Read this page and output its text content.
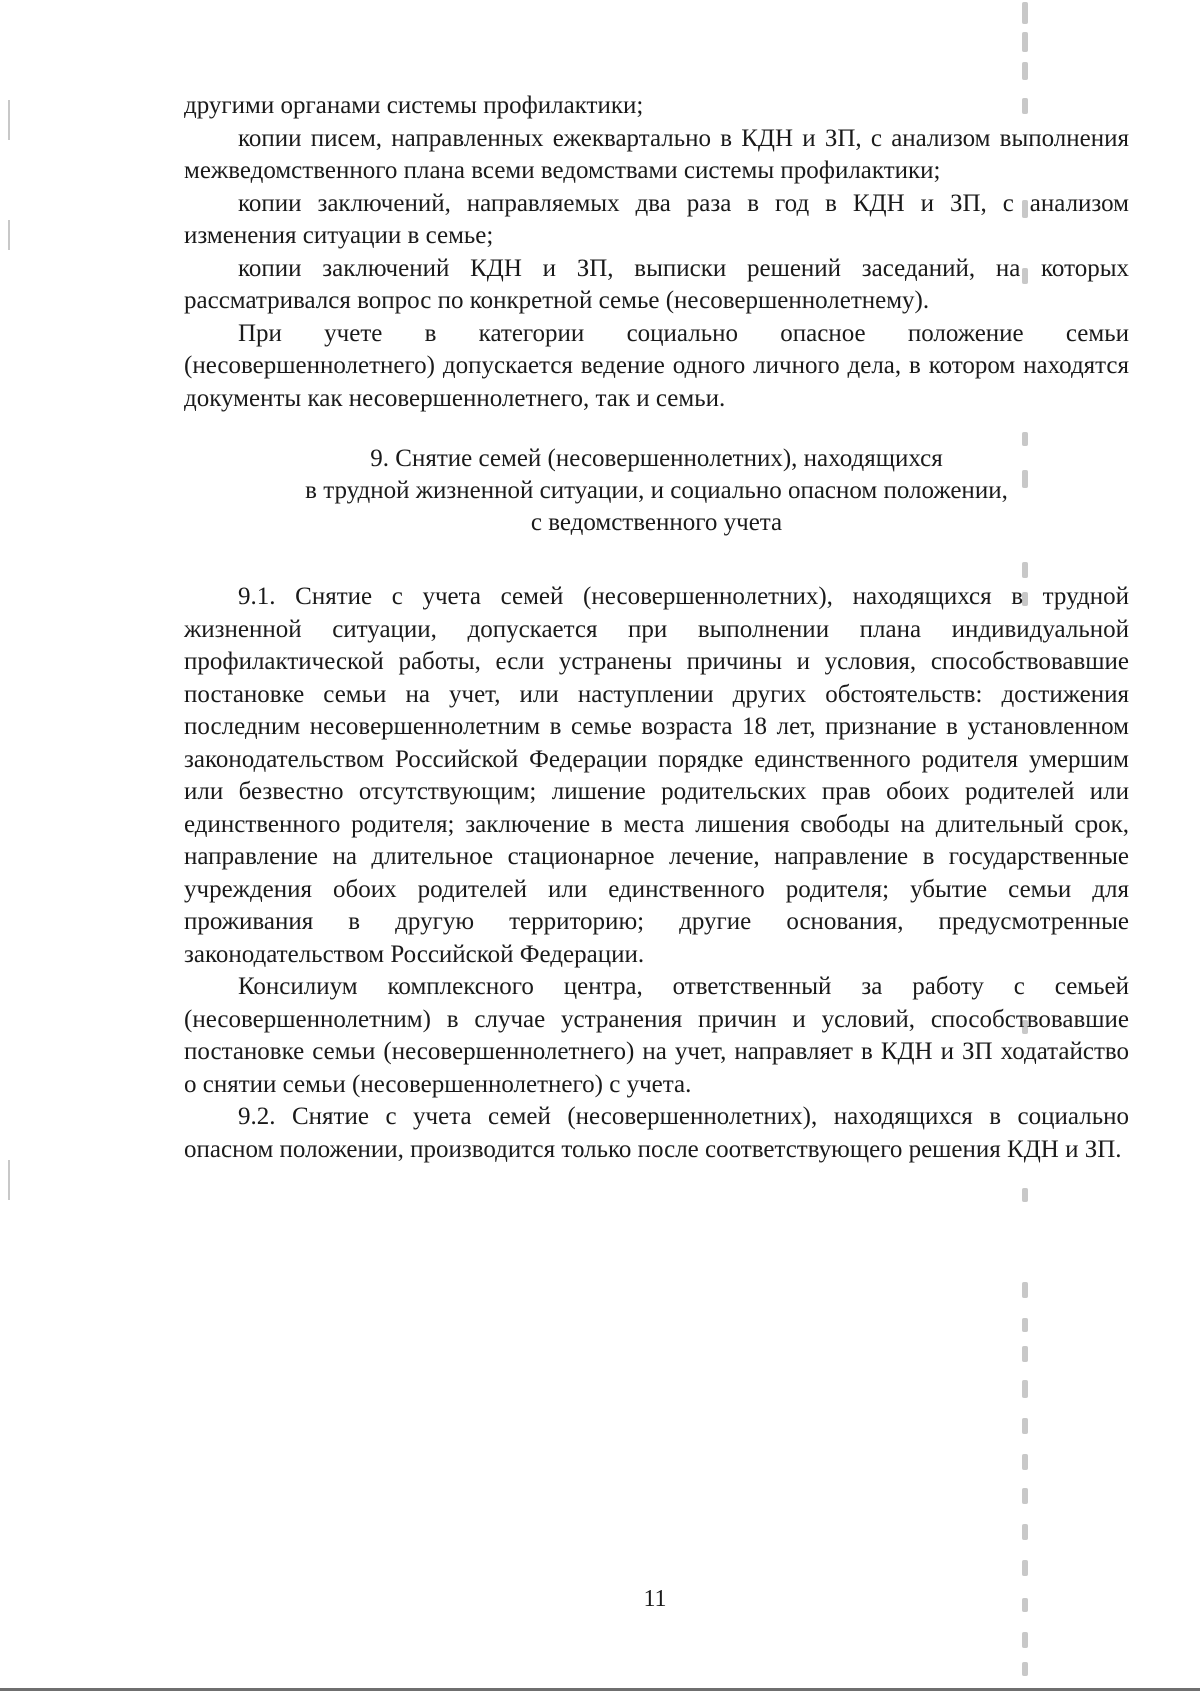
другими органами системы профилактики;

копии писем, направленных ежеквартально в КДН и ЗП, с анализом выполнения межведомственного плана всеми ведомствами системы профилактики;

копии заключений, направляемых два раза в год в КДН и ЗП, с анализом изменения ситуации в семье;

копии заключений КДН и ЗП, выписки решений заседаний, на которых рассматривался вопрос по конкретной семье (несовершеннолетнему).

При учете в категории социально опасное положение семьи (несовершеннолетнего) допускается ведение одного личного дела, в котором находятся документы как несовершеннолетнего, так и семьи.

9. Снятие семей (несовершеннолетних), находящихся
в трудной жизненной ситуации, и социально опасном положении,
с ведомственного учета

9.1. Снятие с учета семей (несовершеннолетних), находящихся в трудной жизненной ситуации, допускается при выполнении плана индивидуальной профилактической работы, если устранены причины и условия, способствовавшие постановке семьи на учет, или наступлении других обстоятельств: достижения последним несовершеннолетним в семье возраста 18 лет, признание в установленном законодательством Российской Федерации порядке единственного родителя умершим или безвестно отсутствующим; лишение родительских прав обоих родителей или единственного родителя; заключение в места лишения свободы на длительный срок, направление на длительное стационарное лечение, направление в государственные учреждения обоих родителей или единственного родителя; убытие семьи для проживания в другую территорию; другие основания, предусмотренные законодательством Российской Федерации.

Консилиум комплексного центра, ответственный за работу с семьей (несовершеннолетним) в случае устранения причин и условий, способствовавшие постановке семьи (несовершеннолетнего) на учет, направляет в КДН и ЗП ходатайство о снятии семьи (несовершеннолетнего) с учета.

9.2. Снятие с учета семей (несовершеннолетних), находящихся в социально опасном положении, производится только после соответствующего решения КДН и ЗП.

11
